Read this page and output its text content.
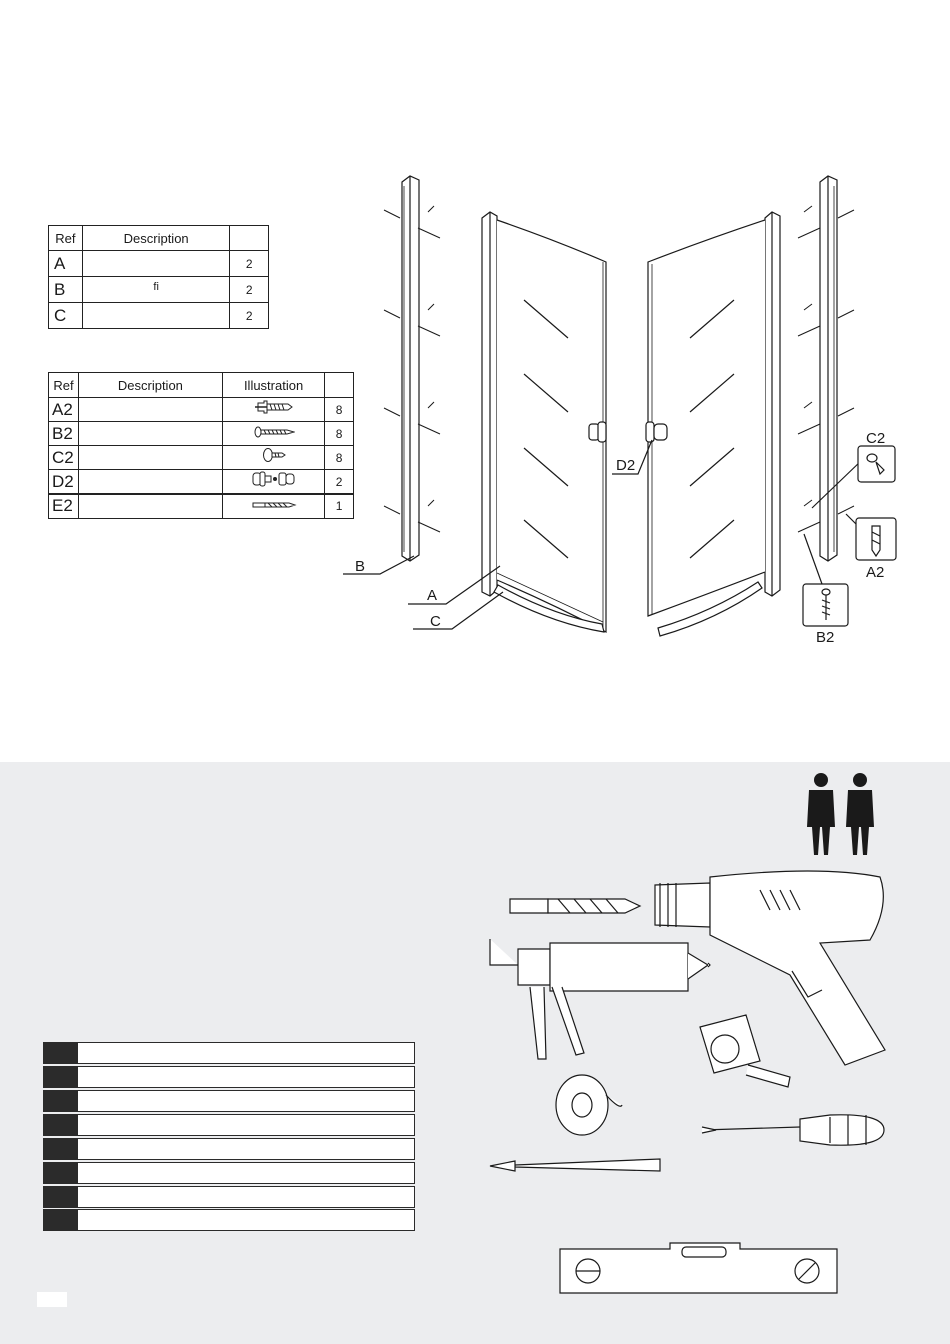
Ref	Description	
A		2
B	fi	2
C		2
Ref	Description	Illustration	
A2			8
B2			8
C2			8
D2			2
E2			1
B
A
C
D2
C2
A2
B2
